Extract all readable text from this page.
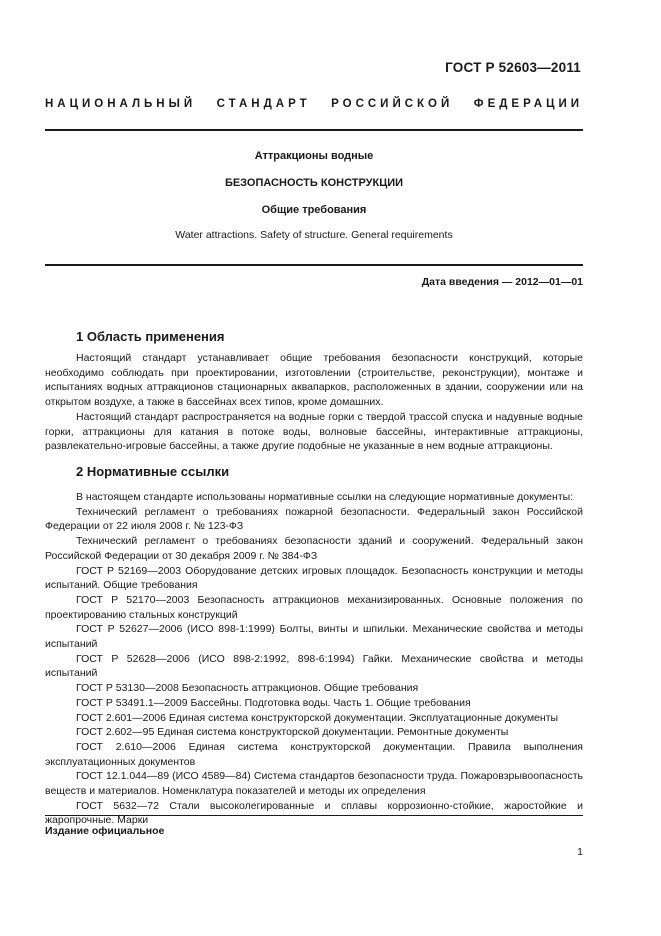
ГОСТ Р 52603—2011
НАЦИОНАЛЬНЫЙ СТАНДАРТ РОССИЙСКОЙ ФЕДЕРАЦИИ
Аттракционы водные
БЕЗОПАСНОСТЬ КОНСТРУКЦИИ
Общие требования
Water attractions. Safety of structure. General requirements
Дата введения — 2012—01—01
1 Область применения

Настоящий стандарт устанавливает общие требования безопасности конструкций, которые необходимо соблюдать при проектировании, изготовлении (строительстве, реконструкции), монтаже и испытаниях водных аттракционов стационарных аквапарков, расположенных в здании, сооружении или на открытом воздухе, а также в бассейнах всех типов, кроме домашних.

Настоящий стандарт распространяется на водные горки с твердой трассой спуска и надувные водные горки, аттракционы для катания в потоке воды, волновые бассейны, интерактивные аттракционы, развлекательно-игровые бассейны, а также другие подобные не указанные в нем водные аттракционы.

2 Нормативные ссылки

В настоящем стандарте использованы нормативные ссылки на следующие нормативные документы:

Технический регламент о требованиях пожарной безопасности. Федеральный закон Российской Федерации от 22 июля 2008 г. № 123-ФЗ

Технический регламент о требованиях безопасности зданий и сооружений. Федеральный закон Российской Федерации от 30 декабря 2009 г. № 384-ФЗ

ГОСТ Р 52169—2003 Оборудование детских игровых площадок. Безопасность конструкции и методы испытаний. Общие требования

ГОСТ Р 52170—2003 Безопасность аттракционов механизированных. Основные положения по проектированию стальных конструкций

ГОСТ Р 52627—2006 (ИСО 898-1:1999) Болты, винты и шпильки. Механические свойства и методы испытаний

ГОСТ Р 52628—2006 (ИСО 898-2:1992, 898-6:1994) Гайки. Механические свойства и методы испытаний

ГОСТ Р 53130—2008 Безопасность аттракционов. Общие требования

ГОСТ Р 53491.1—2009 Бассейны. Подготовка воды. Часть 1. Общие требования

ГОСТ 2.601—2006 Единая система конструкторской документации. Эксплуатационные документы

ГОСТ 2.602—95 Единая система конструкторской документации. Ремонтные документы

ГОСТ 2.610—2006 Единая система конструкторской документации. Правила выполнения эксплуатационных документов

ГОСТ 12.1.044—89 (ИСО 4589—84) Система стандартов безопасности труда. Пожаровзрывоопасность веществ и материалов. Номенклатура показателей и методы их определения

ГОСТ 5632—72 Стали высоколегированные и сплавы коррозионно-стойкие, жаростойкие и жаропрочные. Марки

Издание официальное
1
